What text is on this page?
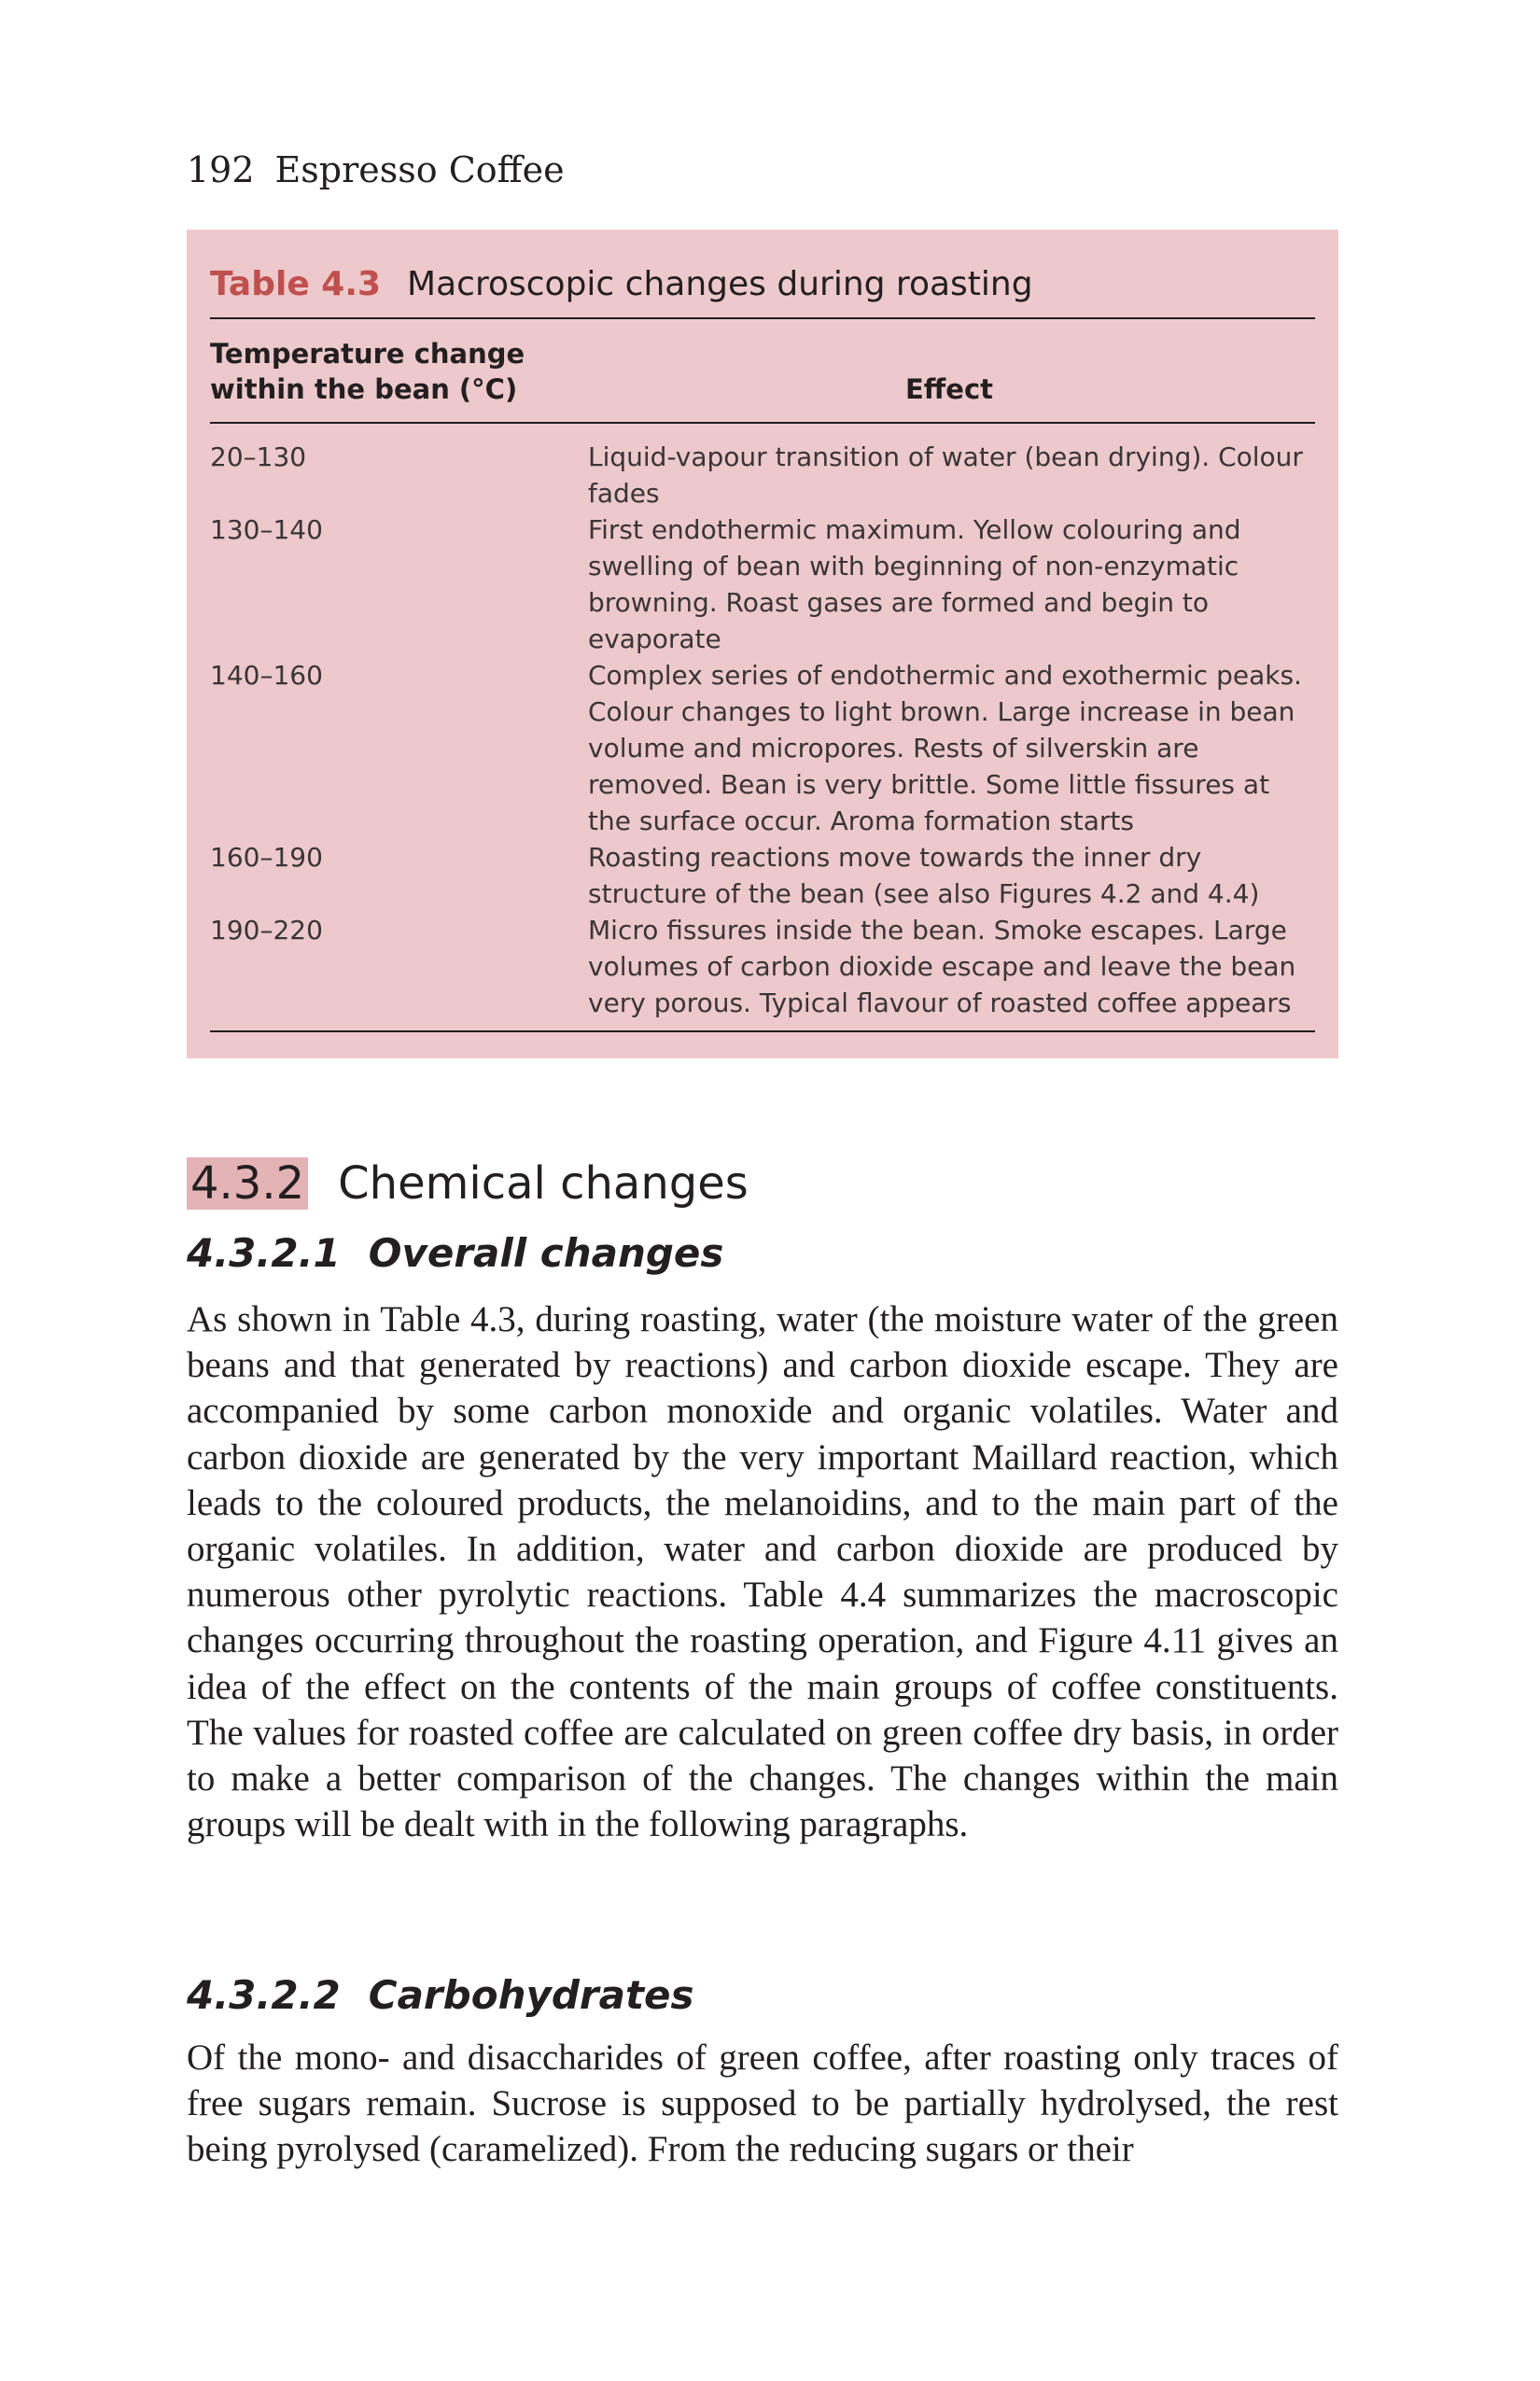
192 Espresso Coffee
Table 4.3 Macroscopic changes during roasting
Temperature change within the bean (°C)	Effect
20–130	Liquid-vapour transition of water (bean drying). Colour fades
130–140	First endothermic maximum. Yellow colouring and swelling of bean with beginning of non-enzymatic browning. Roast gases are formed and begin to evaporate
140–160	Complex series of endothermic and exothermic peaks. Colour changes to light brown. Large increase in bean volume and micropores. Rests of silverskin are removed. Bean is very brittle. Some little fissures at the surface occur. Aroma formation starts
160–190	Roasting reactions move towards the inner dry structure of the bean (see also Figures 4.2 and 4.4)
190–220	Micro fissures inside the bean. Smoke escapes. Large volumes of carbon dioxide escape and leave the bean very porous. Typical flavour of roasted coffee appears
4.3.2 Chemical changes
4.3.2.1 Overall changes
As shown in Table 4.3, during roasting, water (the moisture water of the green beans and that generated by reactions) and carbon dioxide escape. They are accompanied by some carbon monoxide and organic volatiles. Water and carbon dioxide are generated by the very important Maillard reaction, which leads to the coloured products, the melanoidins, and to the main part of the organic volatiles. In addition, water and carbon dioxide are produced by numerous other pyrolytic reactions. Table 4.4 summarizes the macroscopic changes occurring throughout the roasting operation, and Figure 4.11 gives an idea of the effect on the contents of the main groups of coffee constituents. The values for roasted coffee are calculated on green coffee dry basis, in order to make a better comparison of the changes. The changes within the main groups will be dealt with in the following paragraphs.
4.3.2.2 Carbohydrates
Of the mono- and disaccharides of green coffee, after roasting only traces of free sugars remain. Sucrose is supposed to be partially hydrolysed, the rest being pyrolysed (caramelized). From the reducing sugars or their
